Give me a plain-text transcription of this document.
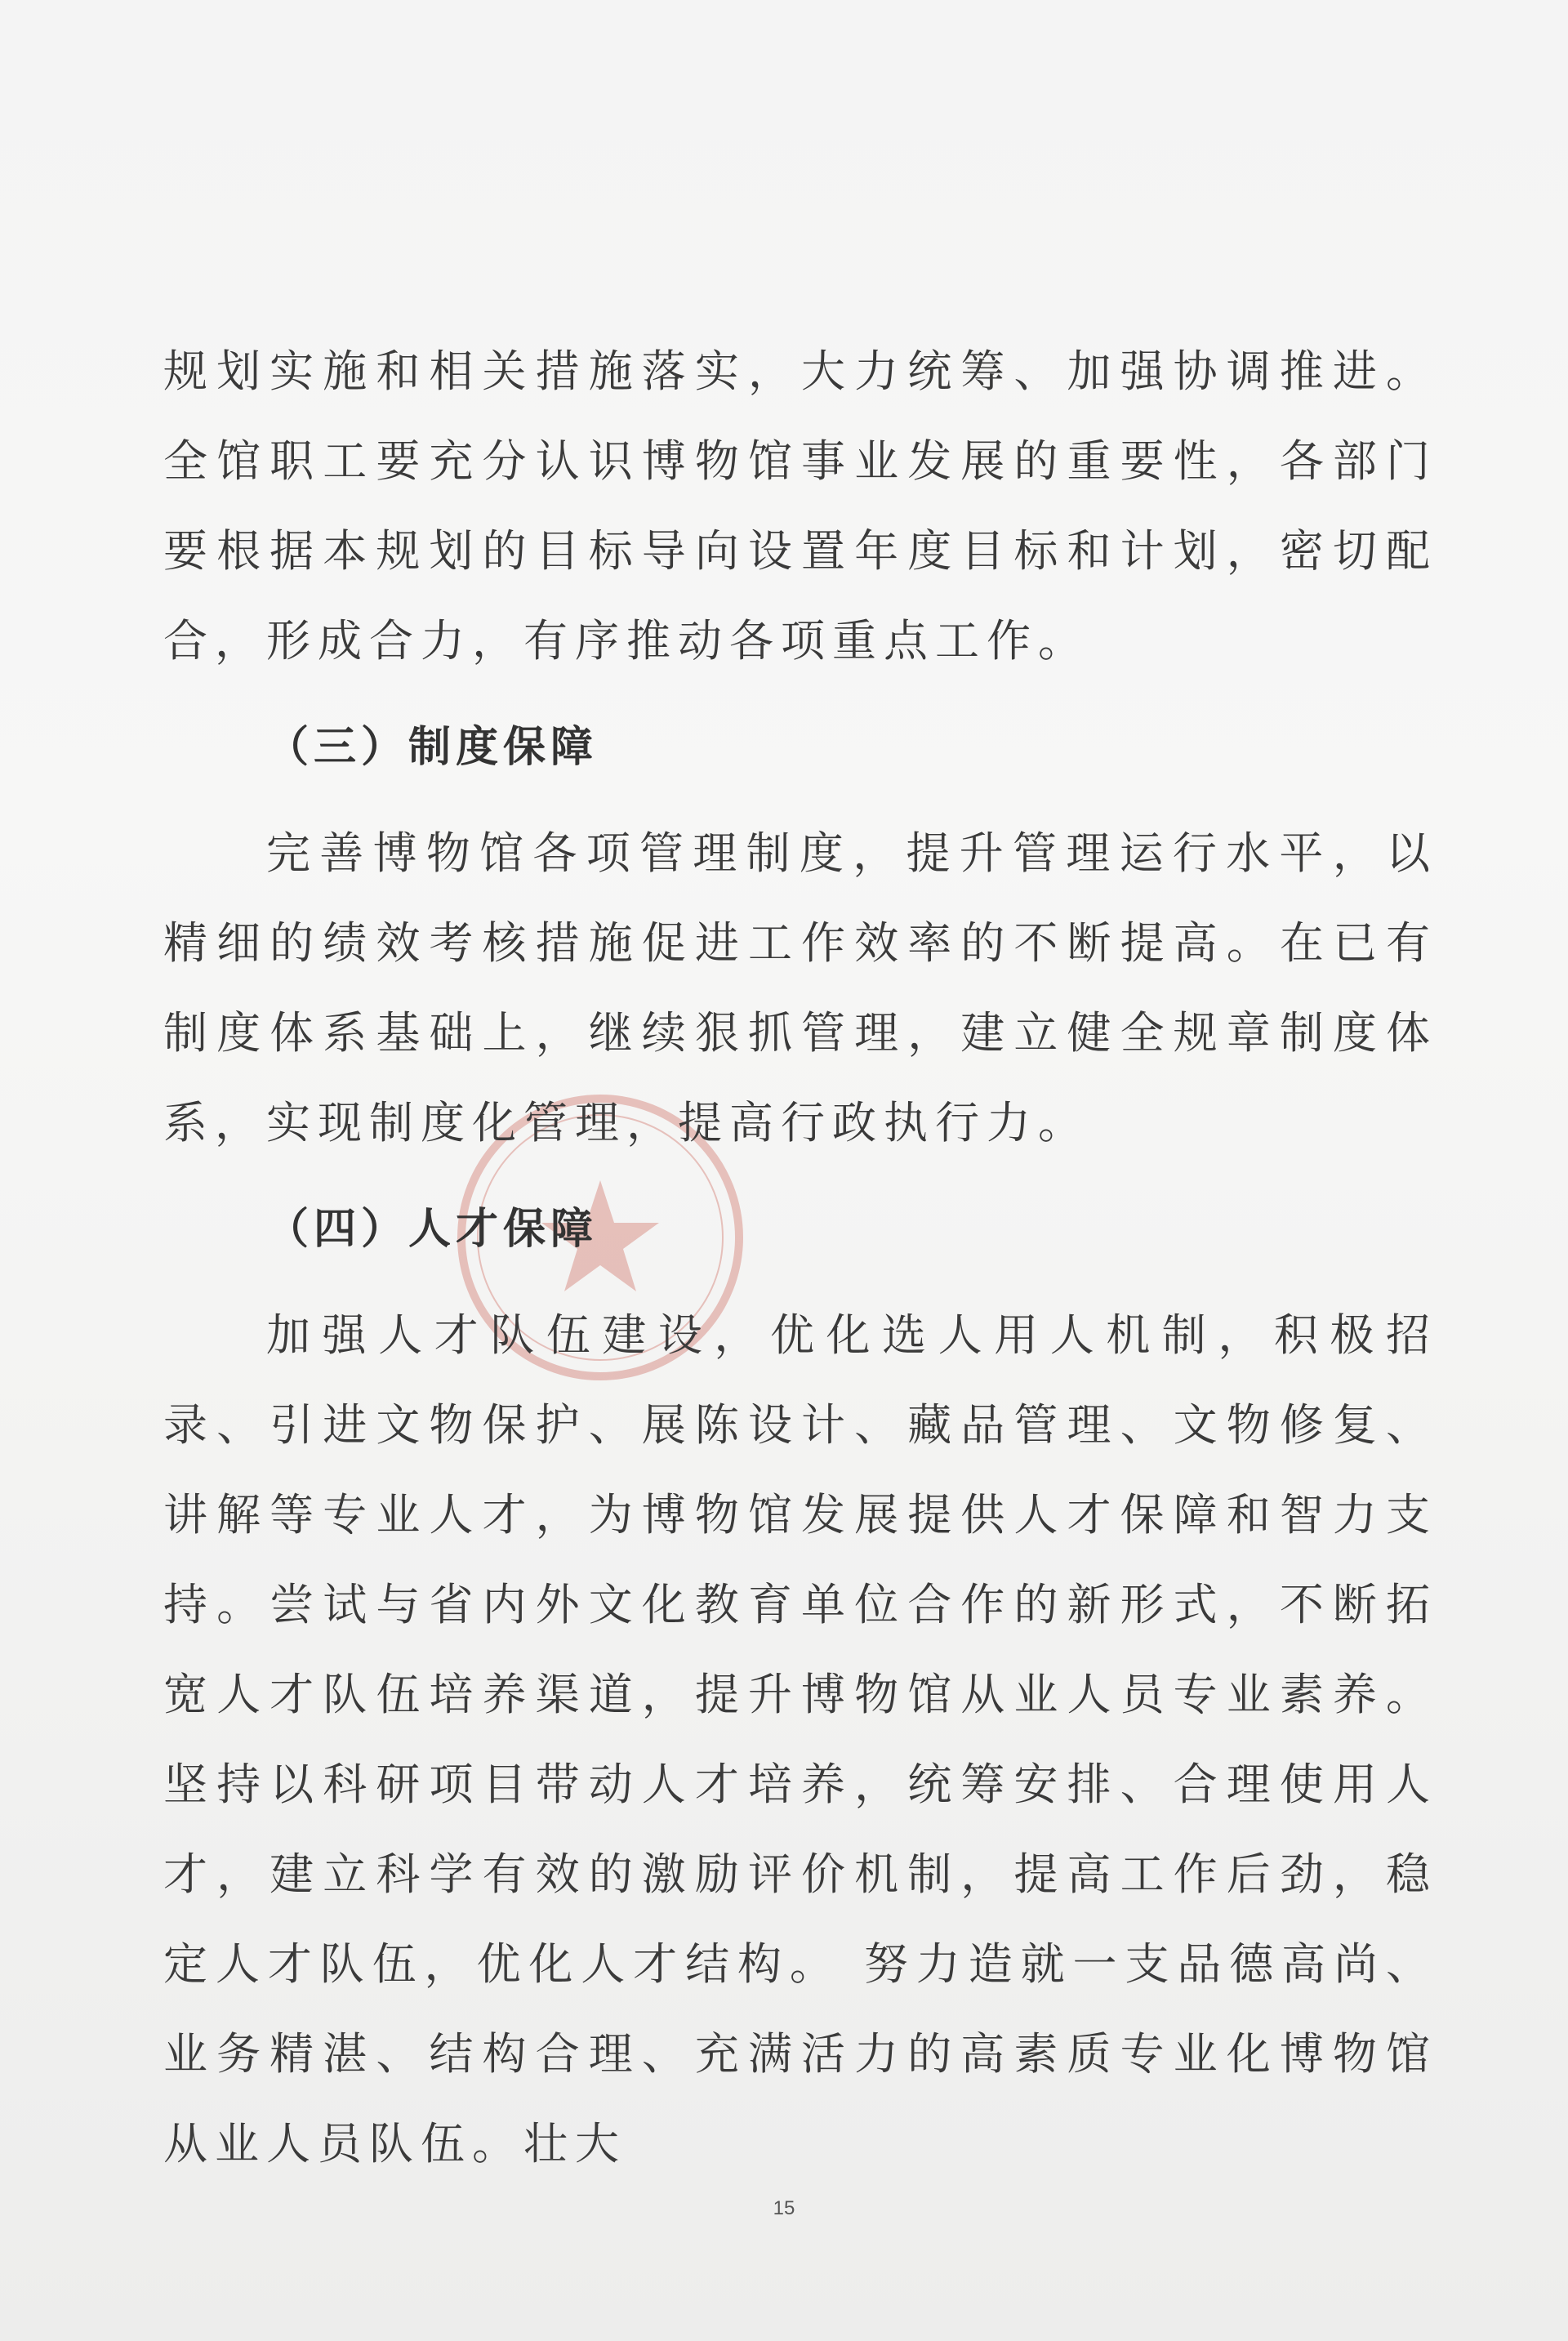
规划实施和相关措施落实，大力统筹、加强协调推进。全馆职工要充分认识博物馆事业发展的重要性，各部门要根据本规划的目标导向设置年度目标和计划，密切配合，形成合力，有序推动各项重点工作。

（三）制度保障

完善博物馆各项管理制度，提升管理运行水平，以精细的绩效考核措施促进工作效率的不断提高。在已有制度体系基础上，继续狠抓管理，建立健全规章制度体系，实现制度化管理，提高行政执行力。

（四）人才保障

加强人才队伍建设，优化选人用人机制，积极招录、引进文物保护、展陈设计、藏品管理、文物修复、讲解等专业人才，为博物馆发展提供人才保障和智力支持。尝试与省内外文化教育单位合作的新形式，不断拓宽人才队伍培养渠道，提升博物馆从业人员专业素养。坚持以科研项目带动人才培养，统筹安排、合理使用人才，建立科学有效的激励评价机制，提高工作后劲，稳定人才队伍，优化人才结构。 努力造就一支品德高尚、业务精湛、结构合理、充满活力的高素质专业化博物馆从业人员队伍。壮大

15
